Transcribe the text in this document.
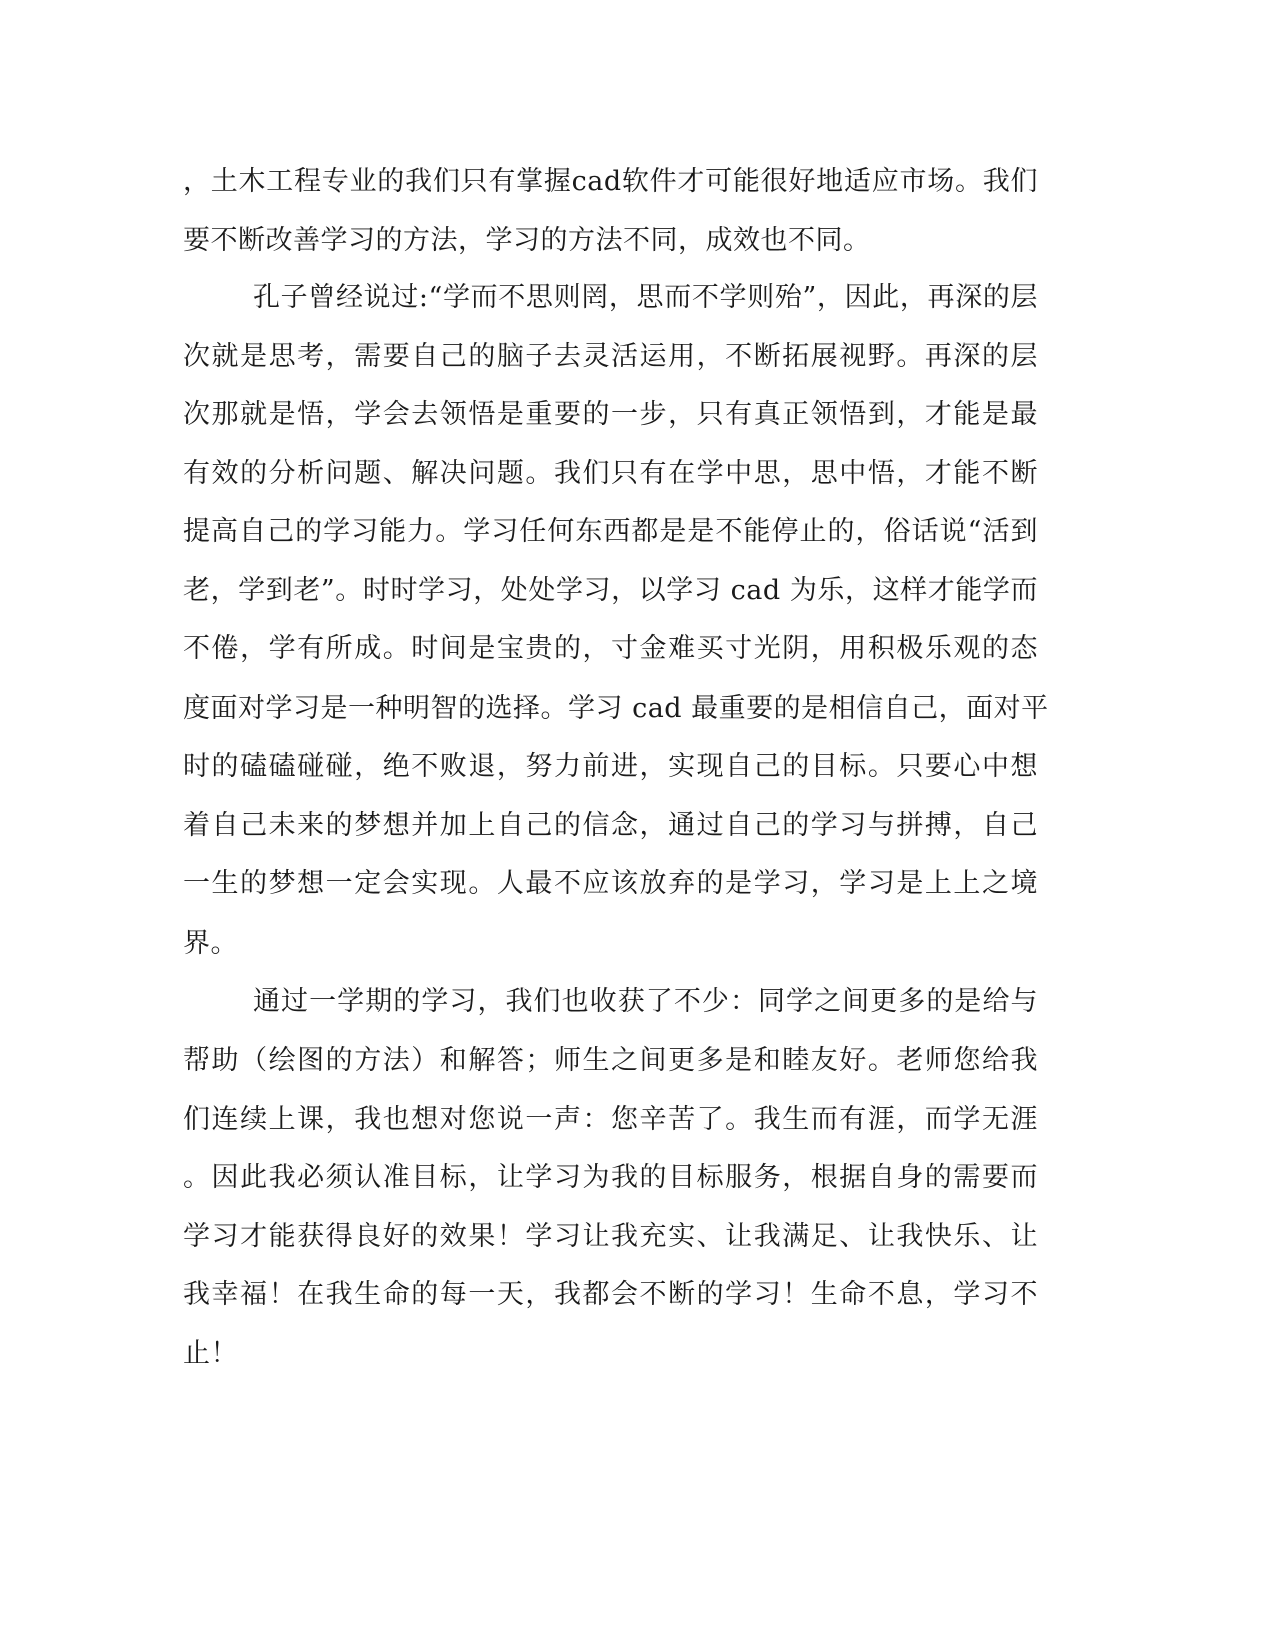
，土木工程专业的我们只有掌握cad软件才可能很好地适应市场。我们
要不断改善学习的方法，学习的方法不同，成效也不同。
孔子曾经说过:“学而不思则罔，思而不学则殆”，因此，再深的层
次就是思考，需要自己的脑子去灵活运用，不断拓展视野。再深的层
次那就是悟，学会去领悟是重要的一步，只有真正领悟到，才能是最
有效的分析问题、解决问题。我们只有在学中思，思中悟，才能不断
提高自己的学习能力。学习任何东西都是是不能停止的，俗话说“活到
老，学到老”。时时学习，处处学习，以学习 cad 为乐，这样才能学而
不倦，学有所成。时间是宝贵的，寸金难买寸光阴，用积极乐观的态
度面对学习是一种明智的选择。学习 cad 最重要的是相信自己，面对平
时的磕磕碰碰，绝不败退，努力前进，实现自己的目标。只要心中想
着自己未来的梦想并加上自己的信念，通过自己的学习与拼搏，自己
一生的梦想一定会实现。人最不应该放弃的是学习，学习是上上之境
界。
通过一学期的学习，我们也收获了不少：同学之间更多的是给与
帮助（绘图的方法）和解答；师生之间更多是和睦友好。老师您给我
们连续上课，我也想对您说一声：您辛苦了。我生而有涯，而学无涯
。因此我必须认准目标，让学习为我的目标服务，根据自身的需要而
学习才能获得良好的效果！学习让我充实、让我满足、让我快乐、让
我幸福！在我生命的每一天，我都会不断的学习！生命不息，学习不
止！
